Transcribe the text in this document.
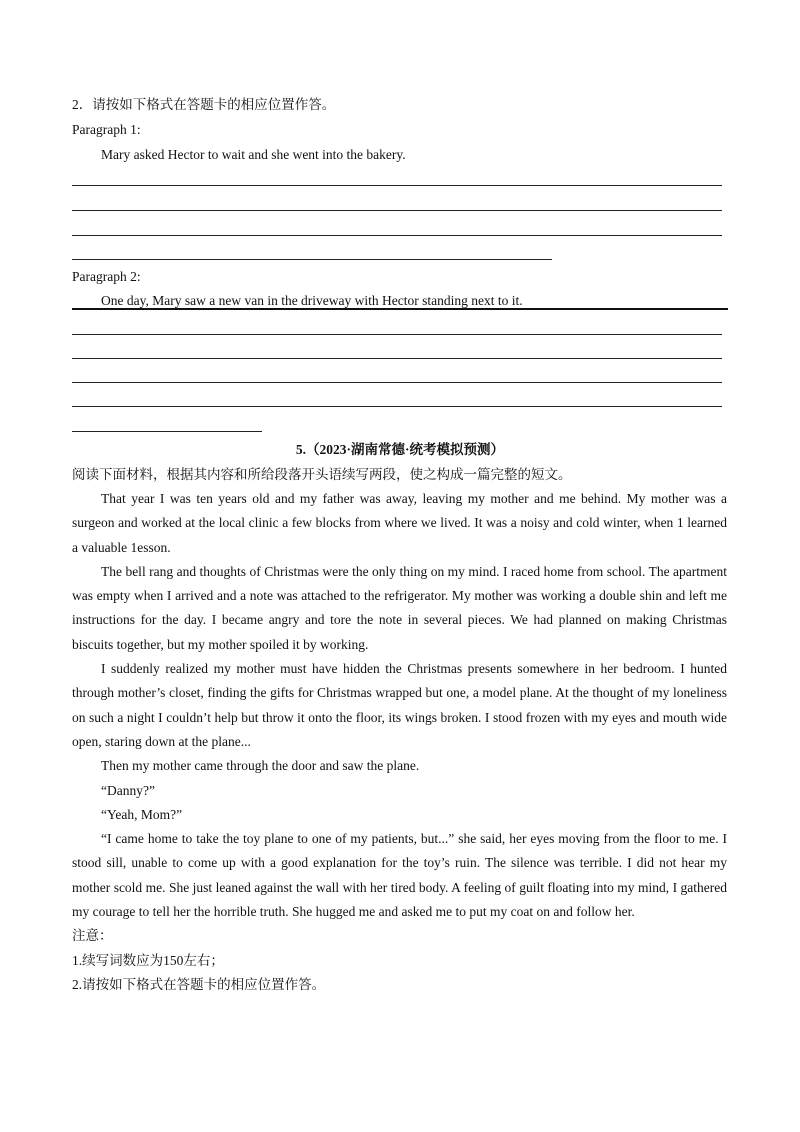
2．请按如下格式在答题卡的相应位置作答。
Paragraph 1:
Mary asked Hector to wait and she went into the bakery.
Paragraph 2:
One day, Mary saw a new van in the driveway with Hector standing next to it.
5.（2023·湖南常德·统考模拟预测）
阅读下面材料，根据其内容和所给段落开头语续写两段，使之构成一篇完整的短文。

That year I was ten years old and my father was away, leaving my mother and me behind. My mother was a surgeon and worked at the local clinic a few blocks from where we lived. It was a noisy and cold winter, when 1 learned a valuable 1esson.

The bell rang and thoughts of Christmas were the only thing on my mind. I raced home from school. The apartment was empty when I arrived and a note was attached to the refrigerator. My mother was working a double shin and left me instructions for the day. I became angry and tore the note in several pieces. We had planned on making Christmas biscuits together, but my mother spoiled it by working.

I suddenly realized my mother must have hidden the Christmas presents somewhere in her bedroom. I hunted through mother’s closet, finding the gifts for Christmas wrapped but one, a model plane. At the thought of my loneliness on such a night I couldn’t help but throw it onto the floor, its wings broken. I stood frozen with my eyes and mouth wide open, staring down at the plane...

Then my mother came through the door and saw the plane.

“Danny?”

“Yeah, Mom?”

“I came home to take the toy plane to one of my patients, but...” she said, her eyes moving from the floor to me. I stood sill, unable to come up with a good explanation for the toy’s ruin. The silence was terrible. I did not hear my mother scold me. She just leaned against the wall with her tired body. A feeling of guilt floating into my mind, I gathered my courage to tell her the horrible truth. She hugged me and asked me to put my coat on and follow her.

注意：

1.续写词数应为150左右；

2.请按如下格式在答题卡的相应位置作答。
